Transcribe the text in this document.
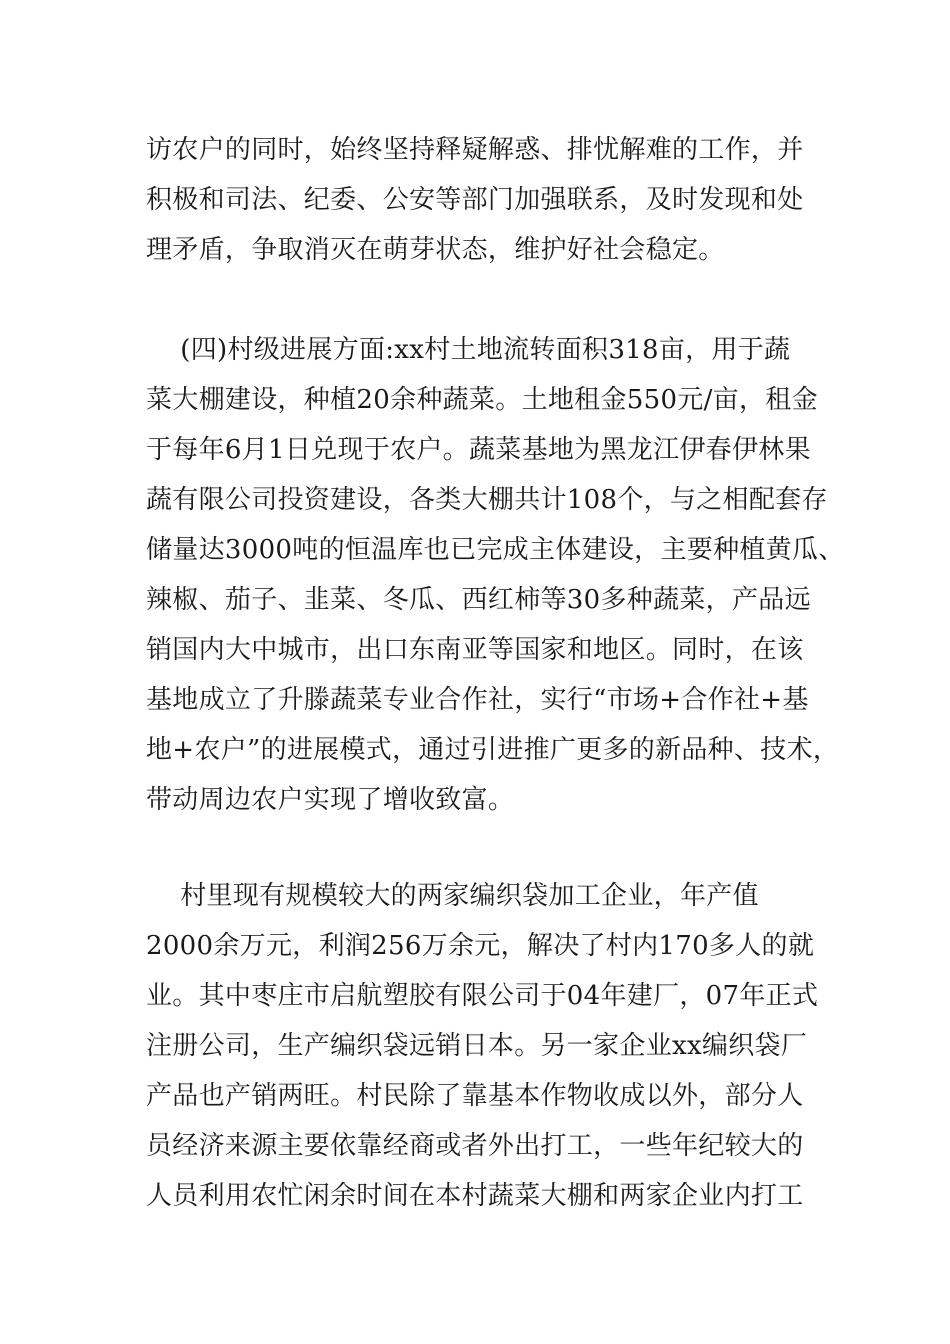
访农户的同时，始终坚持释疑解惑、排忧解难的工作，并
积极和司法、纪委、公安等部门加强联系，及时发现和处
理矛盾，争取消灭在萌芽状态，维护好社会稳定。
(四)村级进展方面:xx村土地流转面积318亩，用于蔬
菜大棚建设，种植20余种蔬菜。土地租金550元/亩，租金
于每年6月1日兑现于农户。蔬菜基地为黑龙江伊春伊林果
蔬有限公司投资建设，各类大棚共计108个，与之相配套存
储量达3000吨的恒温库也已完成主体建设，主要种植黄瓜、
辣椒、茄子、韭菜、冬瓜、西红柿等30多种蔬菜，产品远
销国内大中城市，出口东南亚等国家和地区。同时，在该
基地成立了升滕蔬菜专业合作社，实行“市场+合作社+基
地+农户”的进展模式，通过引进推广更多的新品种、技术，
带动周边农户实现了增收致富。
村里现有规模较大的两家编织袋加工企业，年产值
2000余万元，利润256万余元，解决了村内170多人的就
业。其中枣庄市启航塑胶有限公司于04年建厂，07年正式
注册公司，生产编织袋远销日本。另一家企业xx编织袋厂
产品也产销两旺。村民除了靠基本作物收成以外，部分人
员经济来源主要依靠经商或者外出打工，一些年纪较大的
人员利用农忙闲余时间在本村蔬菜大棚和两家企业内打工
